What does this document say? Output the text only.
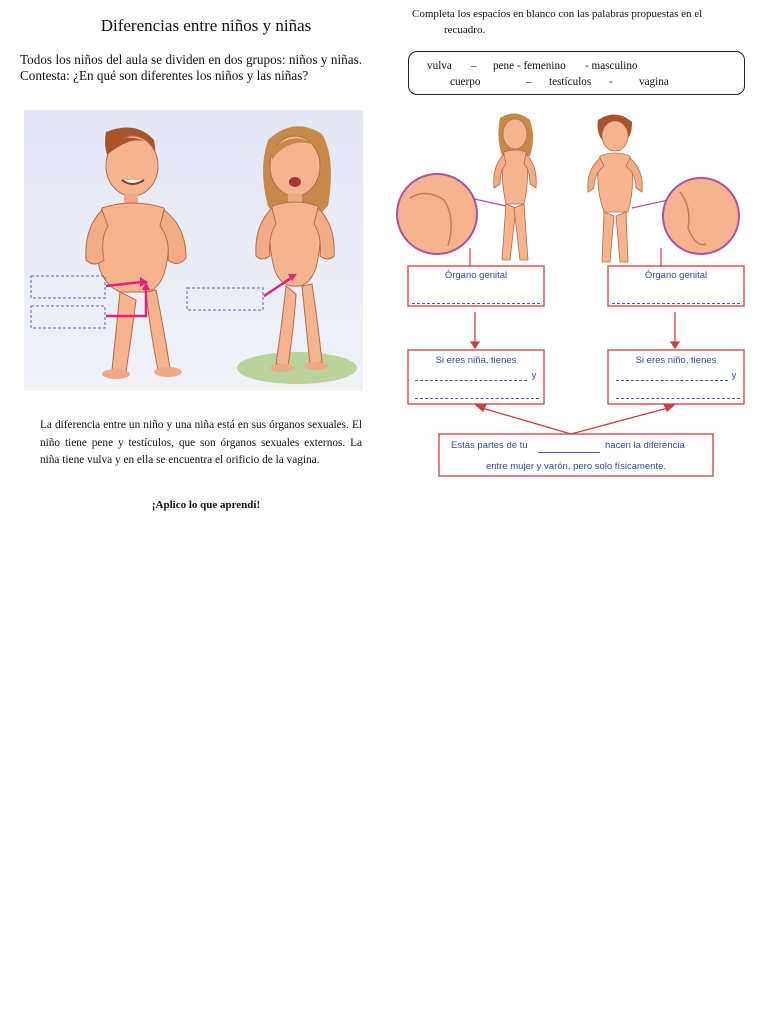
Diferencias entre niños y niñas
Todos los niños del aula se dividen en dos grupos: niños y niñas. Contesta: ¿En qué son diferentes los niños y las niñas?
La diferencia entre un niño y una niña está en sus órganos sexuales. El niño tiene pene y testículos, que son órganos sexuales externos. La niña tiene vulva y en ella se encuentra el orificio de la vagina.
¡Aplico lo que aprendí!
Completa los espacios en blanco con las palabras propuestas en el
recuadro.
vulva – pene - femenino - masculino
cuerpo	– testículos - vagina
Órgano genital	Órgano genital
Si eres niña, tienes
y
Si eres niño, tienes
y
Estas partes de tu	hacen la diferencia
entre mujer y varón, pero solo físicamente.
